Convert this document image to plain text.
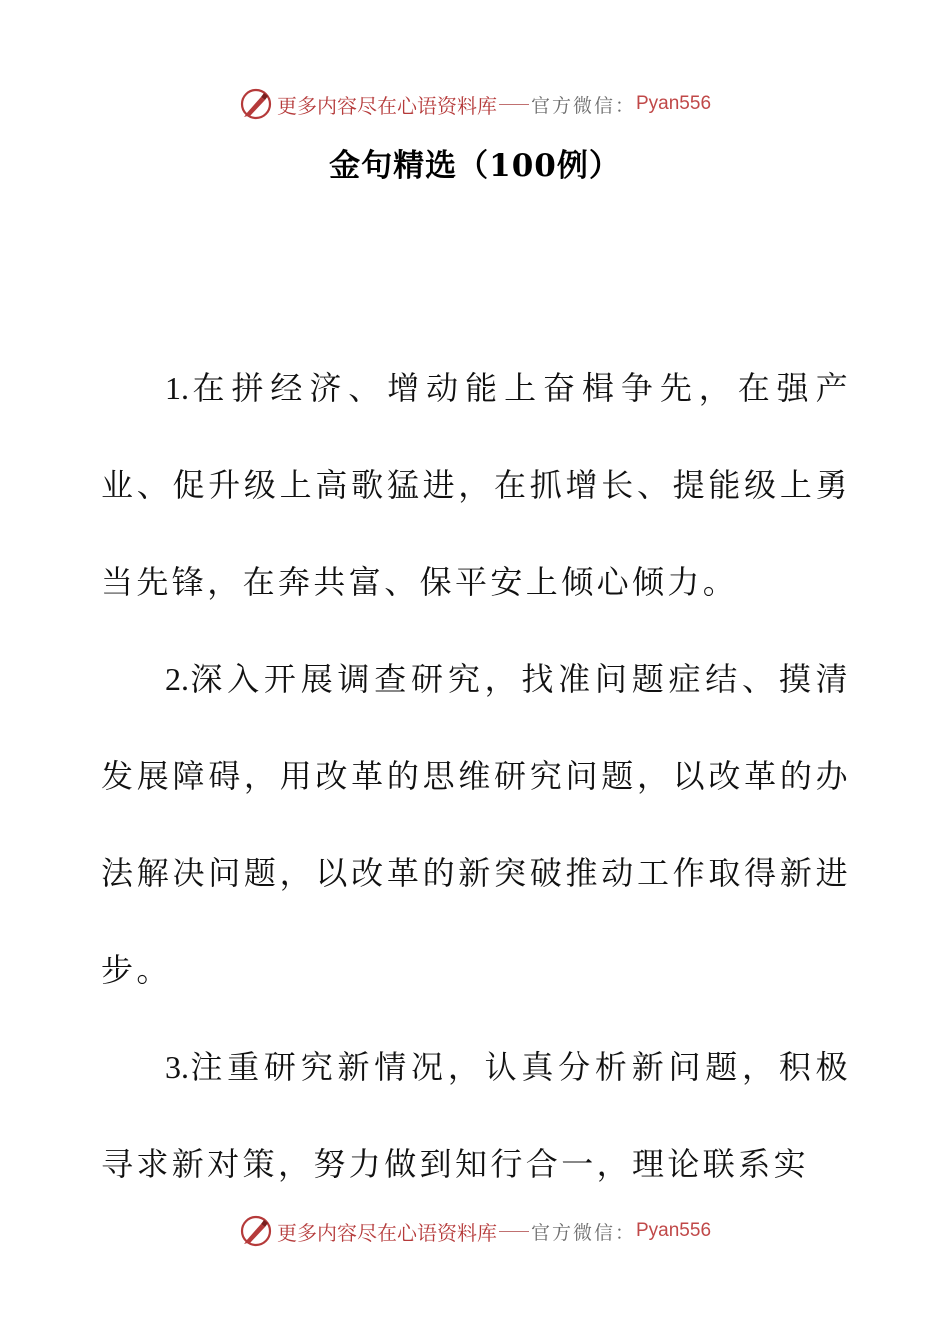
更多内容尽在心语资料库 官方微信： Pyan556
金句精选（100例）

1.在拼经济、增动能上奋楫争先，在强产业、促升级上高歌猛进，在抓增长、提能级上勇当先锋，在奔共富、保平安上倾心倾力。

2.深入开展调查研究，找准问题症结、摸清发展障碍，用改革的思维研究问题，以改革的办法解决问题，以改革的新突破推动工作取得新进步。

3.注重研究新情况，认真分析新问题，积极寻求新对策，努力做到知行合一，理论联系实

更多内容尽在心语资料库 官方微信： Pyan556
